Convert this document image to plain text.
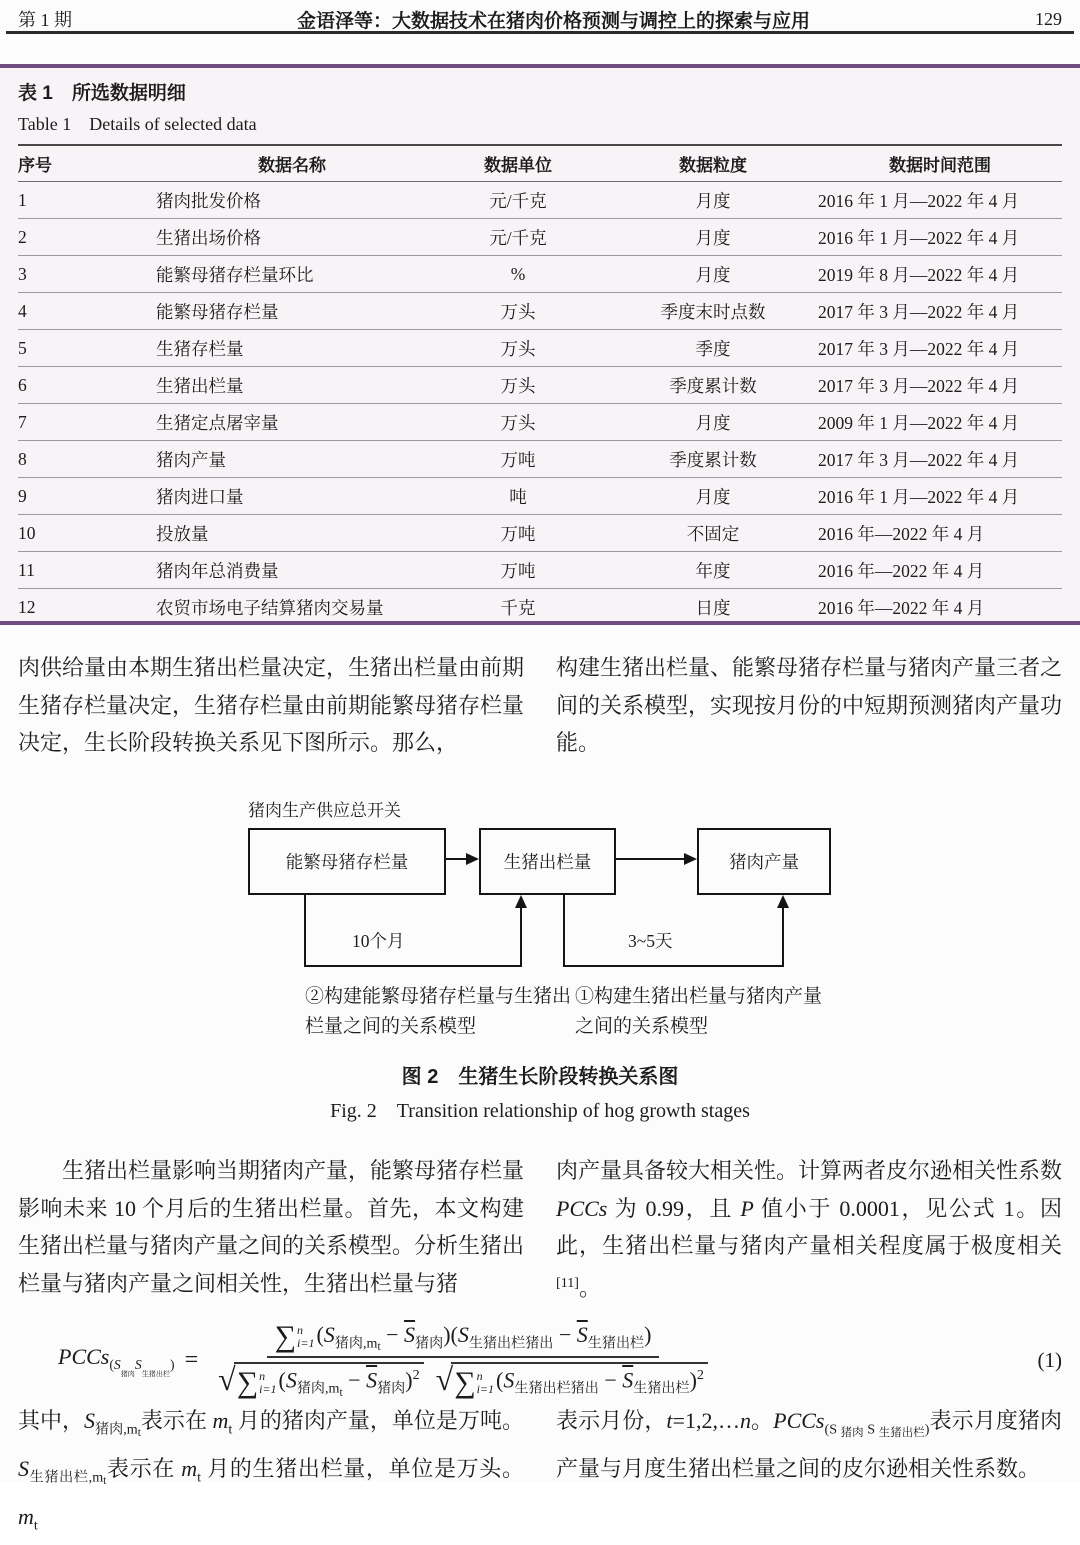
第 1 期	金语泽等：大数据技术在猪肉价格预测与调控上的探索与应用	129
表 1　所选数据明细
Table 1　Details of selected data
序号	数据名称	数据单位	数据粒度	数据时间范围
1	猪肉批发价格	元/千克	月度	2016 年 1 月—2022 年 4 月
2	生猪出场价格	元/千克	月度	2016 年 1 月—2022 年 4 月
3	能繁母猪存栏量环比	%	月度	2019 年 8 月—2022 年 4 月
4	能繁母猪存栏量	万头	季度末时点数	2017 年 3 月—2022 年 4 月
5	生猪存栏量	万头	季度	2017 年 3 月—2022 年 4 月
6	生猪出栏量	万头	季度累计数	2017 年 3 月—2022 年 4 月
7	生猪定点屠宰量	万头	月度	2009 年 1 月—2022 年 4 月
8	猪肉产量	万吨	季度累计数	2017 年 3 月—2022 年 4 月
9	猪肉进口量	吨	月度	2016 年 1 月—2022 年 4 月
10	投放量	万吨	不固定	2016 年—2022 年 4 月
11	猪肉年总消费量	万吨	年度	2016 年—2022 年 4 月
12	农贸市场电子结算猪肉交易量	千克	日度	2016 年—2022 年 4 月

肉供给量由本期生猪出栏量决定，生猪出栏量由前期生猪存栏量决定，生猪存栏量由前期能繁母猪存栏量决定，生长阶段转换关系见下图所示。那么，

构建生猪出栏量、能繁母猪存栏量与猪肉产量三者之间的关系模型，实现按月份的中短期预测猪肉产量功能。

猪肉生产供应总开关
能繁母猪存栏量	生猪出栏量	猪肉产量
10个月	3~5天
②构建能繁母猪存栏量与生猪出
栏量之间的关系模型
①构建生猪出栏量与猪肉产量
之间的关系模型
图 2　生猪生长阶段转换关系图
Fig. 2　Transition relationship of hog growth stages

生猪出栏量影响当期猪肉产量，能繁母猪存栏量影响未来 10 个月后的生猪出栏量。首先，本文构建生猪出栏量与猪肉产量之间的关系模型。分析生猪出栏量与猪肉产量之间相关性，生猪出栏量与猪

肉产量具备较大相关性。计算两者皮尔逊相关性系数 PCCs 为 0.99，且 P 值小于 0.0001，见公式 1。因此，生猪出栏量与猪肉产量相关程度属于极度相关[11]。

PCCs$_{(S_{猪肉}S_{生猪出栏})}$ =
∑ n
i=1 $(S_{猪肉,mt} - \overline{S}_{猪肉})(S_{生猪出栏猪出} - \overline{S}_{生猪出栏})$
√ ∑ n
i=1 $(S_{猪肉,mt} - \overline{S}_{猪肉})^2$ √ ∑ n
i=1 $(S_{生猪出栏猪出} - \overline{S}_{生猪出栏})^2$
(1)

其中，$S_{猪肉,mt}$表示在 $m_t$ 月的猪肉产量，单位是万吨。$S_{生猪出栏,mt}$表示在 $m_t$ 月的生猪出栏量，单位是万头。$m_t$

表示月份，t=1,2,…n。PCCs$_{(S}$ $_{猪肉}$ $_S$ $_{生猪出栏)}$表示月度猪肉产量与月度生猪出栏量之间的皮尔逊相关性系数。
